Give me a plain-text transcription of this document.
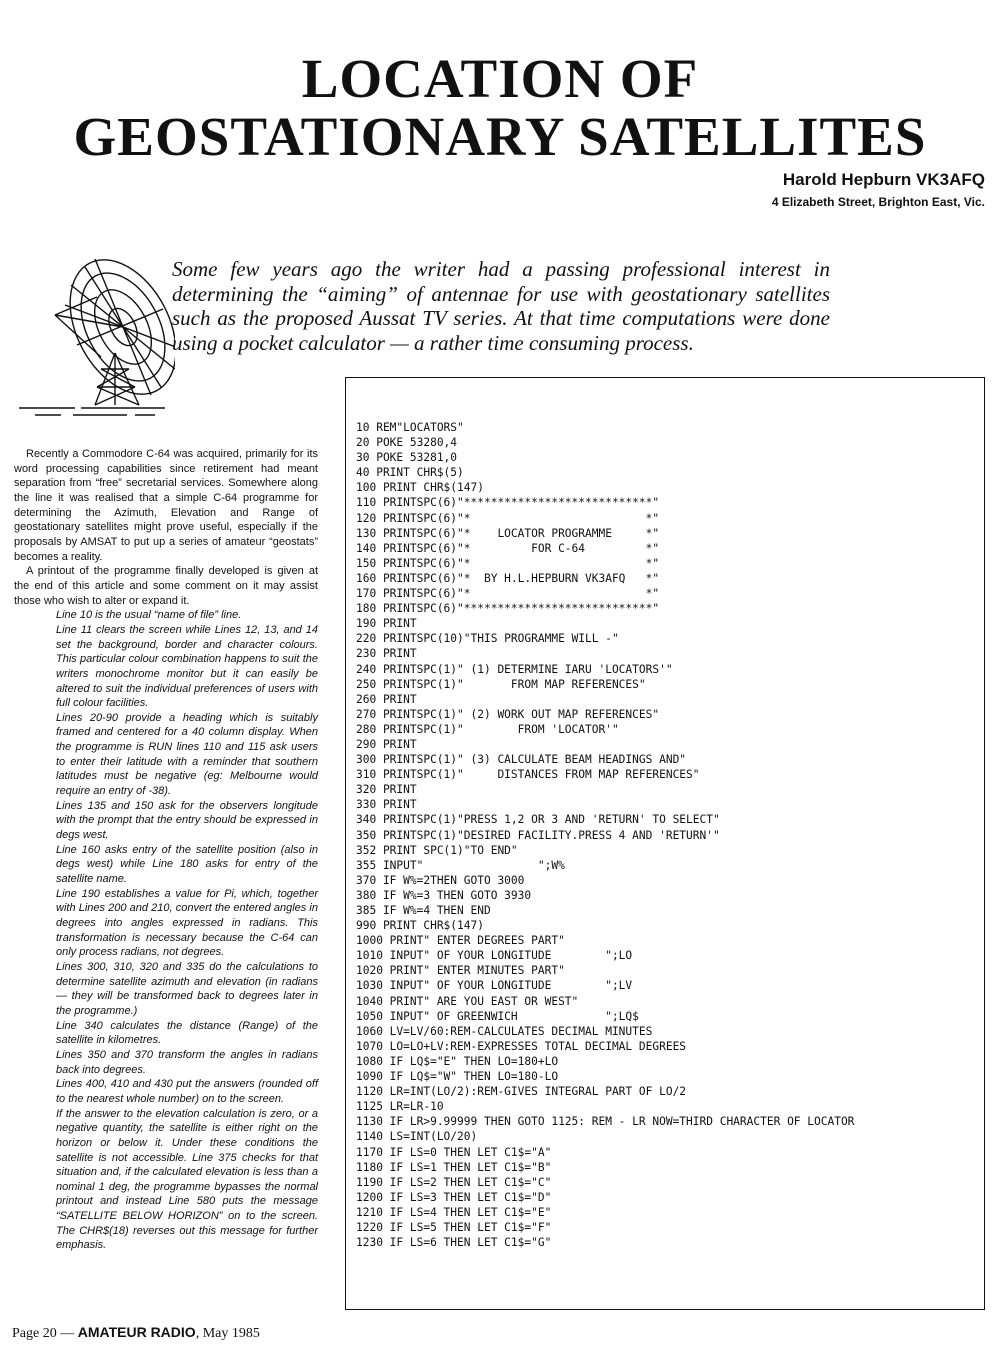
LOCATION OF
GEOSTATIONARY SATELLITES
Harold Hepburn VK3AFQ
4 Elizabeth Street, Brighton East, Vic.

Some few years ago the writer had a passing professional interest in determining the “aiming” of antennae for use with geostationary satellites such as the proposed Aussat TV series. At that time computations were done using a pocket calculator — a rather time consuming process.

Recently a Commodore C-64 was acquired, primarily for its word processing capabilities since retirement had meant separation from “free” secretarial services. Somewhere along the line it was realised that a simple C-64 programme for determining the Azimuth, Elevation and Range of geostationary satellites might prove useful, especially if the proposals by AMSAT to put up a series of amateur “geostats” becomes a reality.

A printout of the programme finally developed is given at the end of this article and some comment on it may assist those who wish to alter or expand it.

Line 10 is the usual “name of file” line.

Line 11 clears the screen while Lines 12, 13, and 14 set the background, border and character colours. This particular colour combination happens to suit the writers monochrome monitor but it can easily be altered to suit the individual preferences of users with full colour facilities.

Lines 20-90 provide a heading which is suitably framed and centered for a 40 column display. When the programme is RUN lines 110 and 115 ask users to enter their latitude with a reminder that southern latitudes must be negative (eg: Melbourne would require an entry of -38).

Lines 135 and 150 ask for the observers longitude with the prompt that the entry should be expressed in degs west.

Line 160 asks entry of the satellite position (also in degs west) while Line 180 asks for entry of the satellite name.

Line 190 establishes a value for Pi, which, together with Lines 200 and 210, convert the entered angles in degrees into angles expressed in radians. This transformation is necessary because the C-64 can only process radians, not degrees.

Lines 300, 310, 320 and 335 do the calculations to determine satellite azimuth and elevation (in radians — they will be transformed back to degrees later in the programme.)

Line 340 calculates the distance (Range) of the satellite in kilometres.

Lines 350 and 370 transform the angles in radians back into degrees.

Lines 400, 410 and 430 put the answers (rounded off to the nearest whole number) on to the screen.

If the answer to the elevation calculation is zero, or a negative quantity, the satellite is either right on the horizon or below it. Under these conditions the satellite is not accessible. Line 375 checks for that situation and, if the calculated elevation is less than a nominal 1 deg, the programme bypasses the normal printout and instead Line 580 puts the message “SATELLITE BELOW HORIZON” on to the screen. The CHR$(18) reverses out this message for further emphasis.

10 REM"LOCATORS"
20 POKE 53280,4
30 POKE 53281,0
40 PRINT CHR$(5)
100 PRINT CHR$(147)
110 PRINTSPC(6)"****************************"
120 PRINTSPC(6)"*                          *"
130 PRINTSPC(6)"*    LOCATOR PROGRAMME     *"
140 PRINTSPC(6)"*         FOR C-64         *"
150 PRINTSPC(6)"*                          *"
160 PRINTSPC(6)"*  BY H.L.HEPBURN VK3AFQ   *"
170 PRINTSPC(6)"*                          *"
180 PRINTSPC(6)"****************************"
190 PRINT
220 PRINTSPC(10)"THIS PROGRAMME WILL -"
230 PRINT
240 PRINTSPC(1)" (1) DETERMINE IARU 'LOCATORS'"
250 PRINTSPC(1)"       FROM MAP REFERENCES"
260 PRINT
270 PRINTSPC(1)" (2) WORK OUT MAP REFERENCES"
280 PRINTSPC(1)"        FROM 'LOCATOR'"
290 PRINT
300 PRINTSPC(1)" (3) CALCULATE BEAM HEADINGS AND"
310 PRINTSPC(1)"     DISTANCES FROM MAP REFERENCES"
320 PRINT
330 PRINT
340 PRINTSPC(1)"PRESS 1,2 OR 3 AND 'RETURN' TO SELECT"
350 PRINTSPC(1)"DESIRED FACILITY.PRESS 4 AND 'RETURN'"
352 PRINT SPC(1)"TO END"
355 INPUT"                 ";W%
370 IF W%=2THEN GOTO 3000
380 IF W%=3 THEN GOTO 3930
385 IF W%=4 THEN END
990 PRINT CHR$(147)
1000 PRINT" ENTER DEGREES PART"
1010 INPUT" OF YOUR LONGITUDE        ";LO
1020 PRINT" ENTER MINUTES PART"
1030 INPUT" OF YOUR LONGITUDE        ";LV
1040 PRINT" ARE YOU EAST OR WEST"
1050 INPUT" OF GREENWICH             ";LQ$
1060 LV=LV/60:REM-CALCULATES DECIMAL MINUTES
1070 LO=LO+LV:REM-EXPRESSES TOTAL DECIMAL DEGREES
1080 IF LQ$="E" THEN LO=180+LO
1090 IF LQ$="W" THEN LO=180-LO
1120 LR=INT(LO/2):REM-GIVES INTEGRAL PART OF LO/2
1125 LR=LR-10
1130 IF LR>9.99999 THEN GOTO 1125: REM - LR NOW=THIRD CHARACTER OF LOCATOR
1140 LS=INT(LO/20)
1170 IF LS=0 THEN LET C1$="A"
1180 IF LS=1 THEN LET C1$="B"
1190 IF LS=2 THEN LET C1$="C"
1200 IF LS=3 THEN LET C1$="D"
1210 IF LS=4 THEN LET C1$="E"
1220 IF LS=5 THEN LET C1$="F"
1230 IF LS=6 THEN LET C1$="G"
Page 20 — AMATEUR RADIO, May 1985
